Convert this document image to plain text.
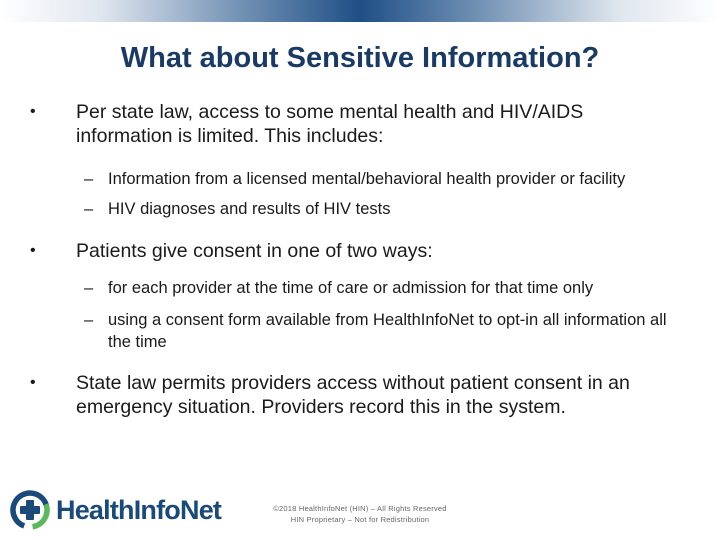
What about Sensitive Information?
• Per state law, access to some mental health and HIV/AIDS information is limited. This includes:
– Information from a licensed mental/behavioral health provider or facility
– HIV diagnoses and results of HIV tests
• Patients give consent in one of two ways:
– for each provider at the time of care or admission for that time only
– using a consent form available from HealthInfoNet to opt-in all information all the time
• State law permits providers access without patient consent in an emergency situation. Providers record this in the system.
HealthInfoNet	©2018 HealthInfoNet (HIN) – All Rights Reserved
HIN Proprietary – Not for Redistribution
